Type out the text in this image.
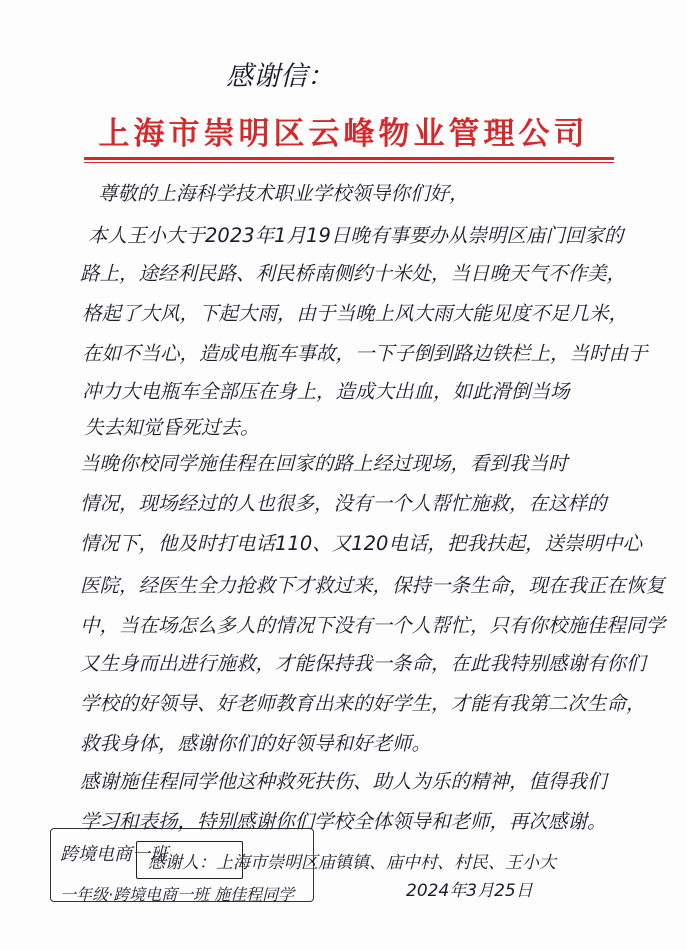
感谢信：
上海市崇明区云峰物业管理公司
尊敬的上海科学技术职业学校领导你们好，
本人王小大于2023年1月19日晚有事要办从崇明区庙门回家的
路上，途经利民路、利民桥南侧约十米处，当日晚天气不作美，
格起了大风，下起大雨，由于当晚上风大雨大能见度不足几米，
在如不当心，造成电瓶车事故，一下子倒到路边铁栏上，当时由于
冲力大电瓶车全部压在身上，造成大出血，如此滑倒当场
失去知觉昏死过去。
当晚你校同学施佳程在回家的路上经过现场，看到我当时
情况，现场经过的人也很多，没有一个人帮忙施救，在这样的
情况下，他及时打电话110、又120电话，把我扶起，送崇明中心
医院，经医生全力抢救下才救过来，保持一条生命，现在我正在恢复
中，当在场怎么多人的情况下没有一个人帮忙，只有你校施佳程同学
又生身而出进行施救，才能保持我一条命，在此我特别感谢有你们
学校的好领导、好老师教育出来的好学生，才能有我第二次生命，
救我身体，感谢你们的好领导和好老师。
感谢施佳程同学他这种救死扶伤、助人为乐的精神，值得我们
学习和表扬，特别感谢你们学校全体领导和老师，再次感谢。
跨境电商一班
感谢人：上海市崇明区庙镇镇、庙中村、村民、王小大
2024年3月25日
一年级·跨境电商一班 施佳程同学
